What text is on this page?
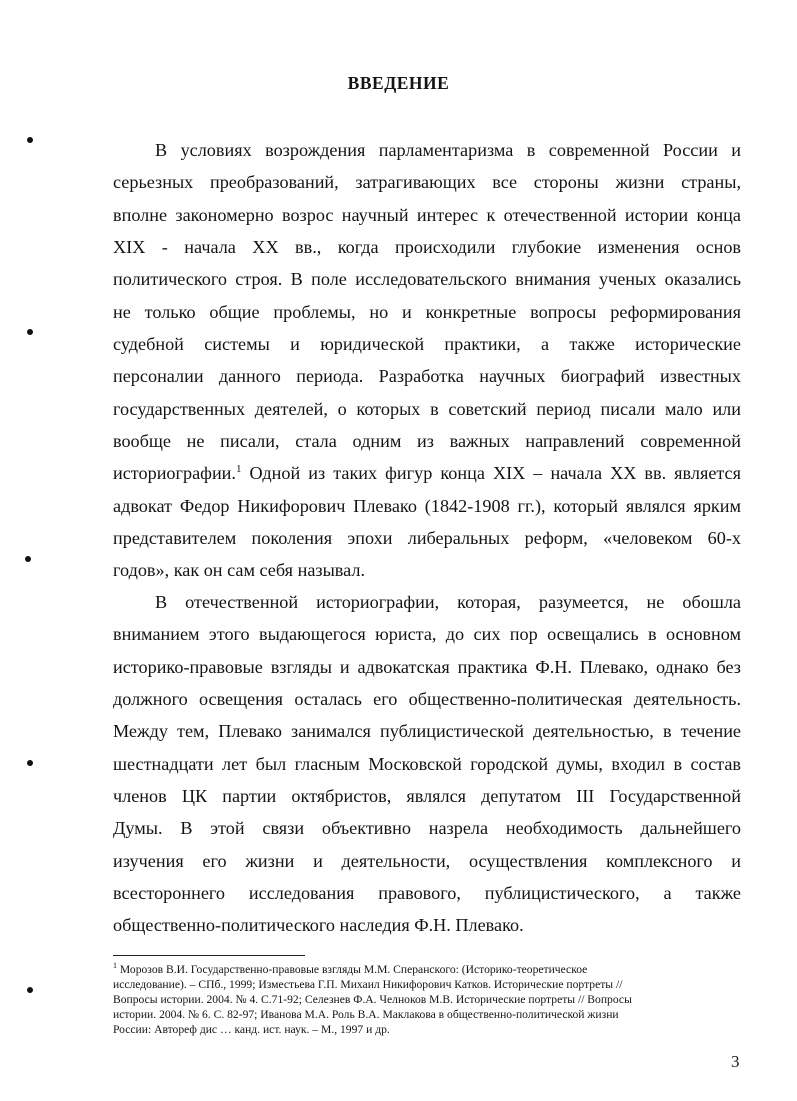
ВВЕДЕНИЕ
В условиях возрождения парламентаризма в современной России и
серьезных преобразований, затрагивающих все стороны жизни страны,
вполне закономерно возрос научный интерес к отечественной истории конца
XIX - начала XX вв., когда происходили глубокие изменения основ
политического строя. В поле исследовательского внимания ученых оказались
не только общие проблемы, но и конкретные вопросы реформирования
судебной системы и юридической практики, а также исторические
персоналии данного периода. Разработка научных биографий известных
государственных деятелей, о которых в советский период писали мало или
вообще не писали, стала одним из важных направлений современной
историографии.$^1$ Одной из таких фигур конца XIX – начала XX вв. является
адвокат Федор Никифорович Плевако (1842-1908 гг.), который являлся ярким
представителем поколения эпохи либеральных реформ, «человеком 60-х
годов», как он сам себя называл.
В отечественной историографии, которая, разумеется, не обошла
вниманием этого выдающегося юриста, до сих пор освещались в основном
историко-правовые взгляды и адвокатская практика Ф.Н. Плевако, однако без
должного освещения осталась его общественно-политическая деятельность.
Между тем, Плевако занимался публицистической деятельностью, в течение
шестнадцати лет был гласным Московской городской думы, входил в состав
членов ЦК партии октябристов, являлся депутатом III Государственной
Думы. В этой связи объективно назрела необходимость дальнейшего
изучения его жизни и деятельности, осуществления комплексного и
всестороннего исследования правового, публицистического, а также
общественно-политического наследия Ф.Н. Плевако.
$^1$ Морозов В.И. Государственно-правовые взгляды М.М. Сперанского: (Историко-теоретическое
исследование). – СПб., 1999; Изместьева Г.П. Михаил Никифорович Катков. Исторические портреты //
Вопросы истории. 2004. № 4. С.71-92; Селезнев Ф.А. Челноков М.В. Исторические портреты // Вопросы
истории. 2004. № 6. С. 82-97; Иванова М.А. Роль В.А. Маклакова в общественно-политической жизни
России: Автореф дис … канд. ист. наук. – М., 1997 и др.
3
